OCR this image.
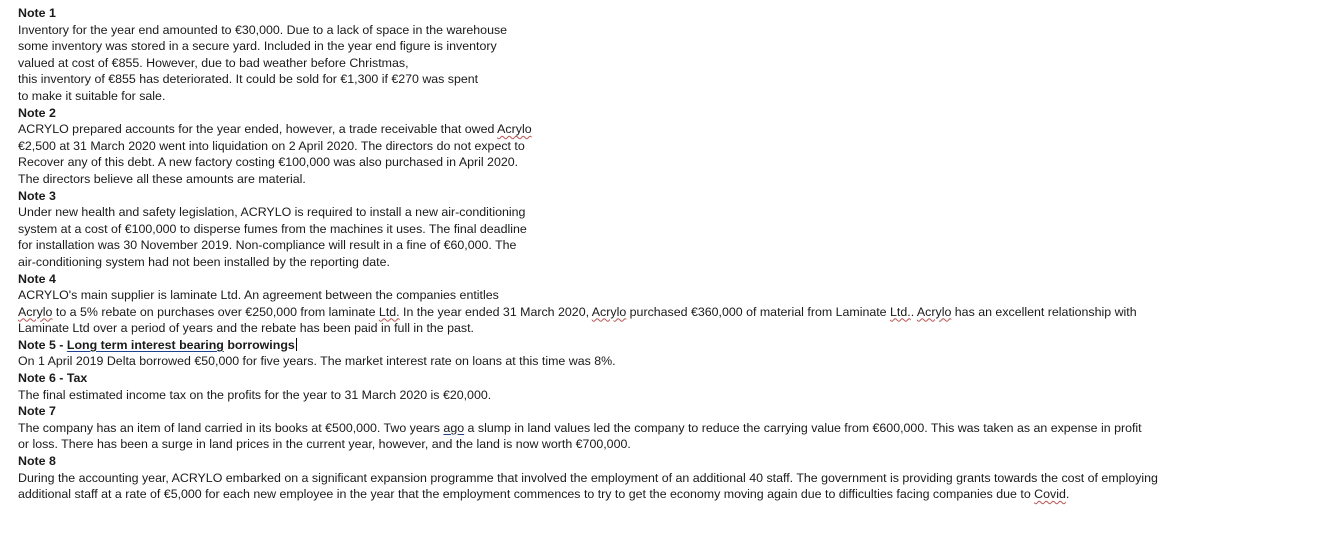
Note 1
Inventory for the year end amounted to €30,000. Due to a lack of space in the warehouse
some inventory was stored in a secure yard. Included in the year end figure is inventory
valued at cost of €855. However, due to bad weather before Christmas,
this inventory of €855 has deteriorated. It could be sold for €1,300 if €270 was spent
to make it suitable for sale.
Note 2
ACRYLO prepared accounts for the year ended, however, a trade receivable that owed Acrylo
€2,500 at 31 March 2020 went into liquidation on 2 April 2020. The directors do not expect to
Recover any of this debt. A new factory costing €100,000 was also purchased in April 2020.
The directors believe all these amounts are material.
Note 3
Under new health and safety legislation, ACRYLO is required to install a new air-conditioning
system at a cost of €100,000 to disperse fumes from the machines it uses. The final deadline
for installation was 30 November 2019. Non-compliance will result in a fine of €60,000. The
air-conditioning system had not been installed by the reporting date.
Note 4
ACRYLO's main supplier is laminate Ltd. An agreement between the companies entitles
Acrylo to a 5% rebate on purchases over €250,000 from laminate Ltd. In the year ended 31 March 2020, Acrylo purchased €360,000 of material from Laminate Ltd.. Acrylo has an excellent relationship with
Laminate Ltd over a period of years and the rebate has been paid in full in the past.
Note 5 - Long term interest bearing borrowings
On 1 April 2019 Delta borrowed €50,000 for five years. The market interest rate on loans at this time was 8%.
Note 6 - Tax
The final estimated income tax on the profits for the year to 31 March 2020 is €20,000.
Note 7
The company has an item of land carried in its books at €500,000. Two years ago a slump in land values led the company to reduce the carrying value from €600,000. This was taken as an expense in profit
or loss. There has been a surge in land prices in the current year, however, and the land is now worth €700,000.
Note 8
During the accounting year, ACRYLO embarked on a significant expansion programme that involved the employment of an additional 40 staff. The government is providing grants towards the cost of employing
additional staff at a rate of €5,000 for each new employee in the year that the employment commences to try to get the economy moving again due to difficulties facing companies due to Covid.
